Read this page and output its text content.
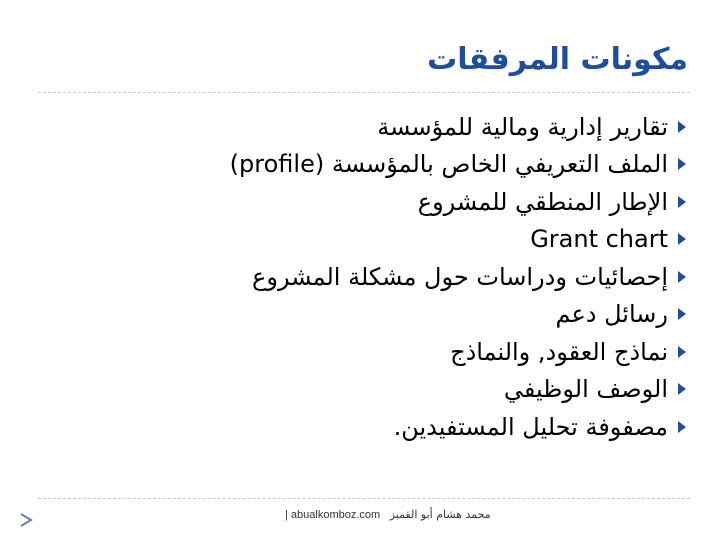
مكونات المرفقات
تقارير إدارية ومالية للمؤسسة
الملف التعريفي الخاص بالمؤسسة (profile)
الإطار المنطقي للمشروع
Grant chart
إحصائيات ودراسات حول مشكلة المشروع
رسائل دعم
نماذج العقود, والنماذج
الوصف الوظيفي
مصفوفة تحليل المستفيدين.
| abualkomboz.com محمد هشام أبو القمبز
